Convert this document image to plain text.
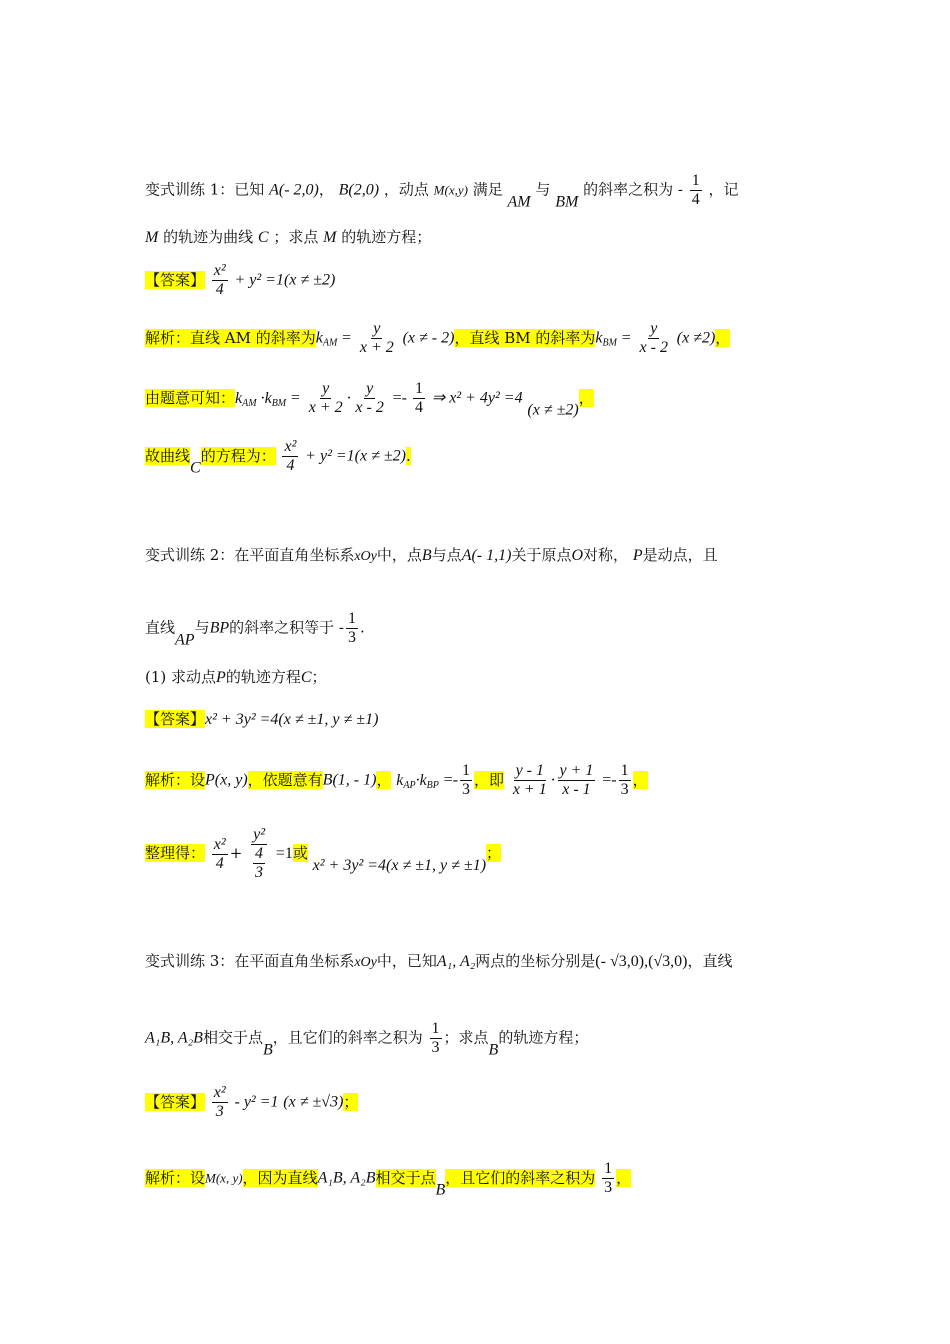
变式训练 1：已知 A(- 2,0)， B(2,0) ，动点 M(x,y) 满足 AM 与 BM 的斜率之积为 - $\frac{1}{4}$ ，记
M 的轨迹为曲线 C ；求点 M 的轨迹方程；
【答案】 $\frac{\text{x²}}{4} + y^2 =1(x \ne \pm 2)$
解析：直线 AM 的斜率为$k_{AM} = \frac{y}{x + 2} (x$ ≠ - 2)，直线 BM 的斜率为$k_{BM} = \frac{y}{x - 2} (x \ne 2)$，
由题意可知：$k_{AM} \cdot k_{BM} = \frac{y}{x + 2} \cdot \frac{y}{x - 2} =- \frac{1}{4}$ ⇒ x² + 4y² =4 (x ≠ ±2)，
故曲线C的方程为： $\frac{\text{x²}}{4} + y^2 =1(x \ne \pm 2)$.
变式训练 2：在平面直角坐标系xOy中，点B与点A(- 1,1)关于原点O对称， P是动点，且
直线AP与BP的斜率之积等于 - $\frac{1}{3}$ .
(1) 求动点P的轨迹方程C；
【答案】x² + 3y² =4(x ≠ ±1, y ≠ ±1)
解析：设P(x, y)，依题意有B(1, - 1)， $k_{AP}\cdot k_{BP} =- \frac{1}{3}$ ，即 $\frac{y - 1}{x + 1} \cdot \frac{y + 1}{x - 1} =- \frac{1}{3}$ ，
整理得： $\frac{\text{x²}}{4} + \frac{\text{y²}}{\frac{4}{3}} =1$或 x² + 3y² =4(x ≠ ±1, y ≠ ±1)；
变式训练 3：在平面直角坐标系xOy中，已知A₁, A₂两点的坐标分别是(- √3,0),(√3,0)，直线
A₁B, A₂B相交于点B，且它们的斜率之积为 $\frac{1}{3}$ ；求点B的轨迹方程；
【答案】 $\frac{\text{x²}}{3} - y^2 =1$ (x ≠ ±√3)；
解析：设M(x, y)，因为直线A₁B, A₂B相交于点B，且它们的斜率之积为 $\frac{1}{3}$ ，
